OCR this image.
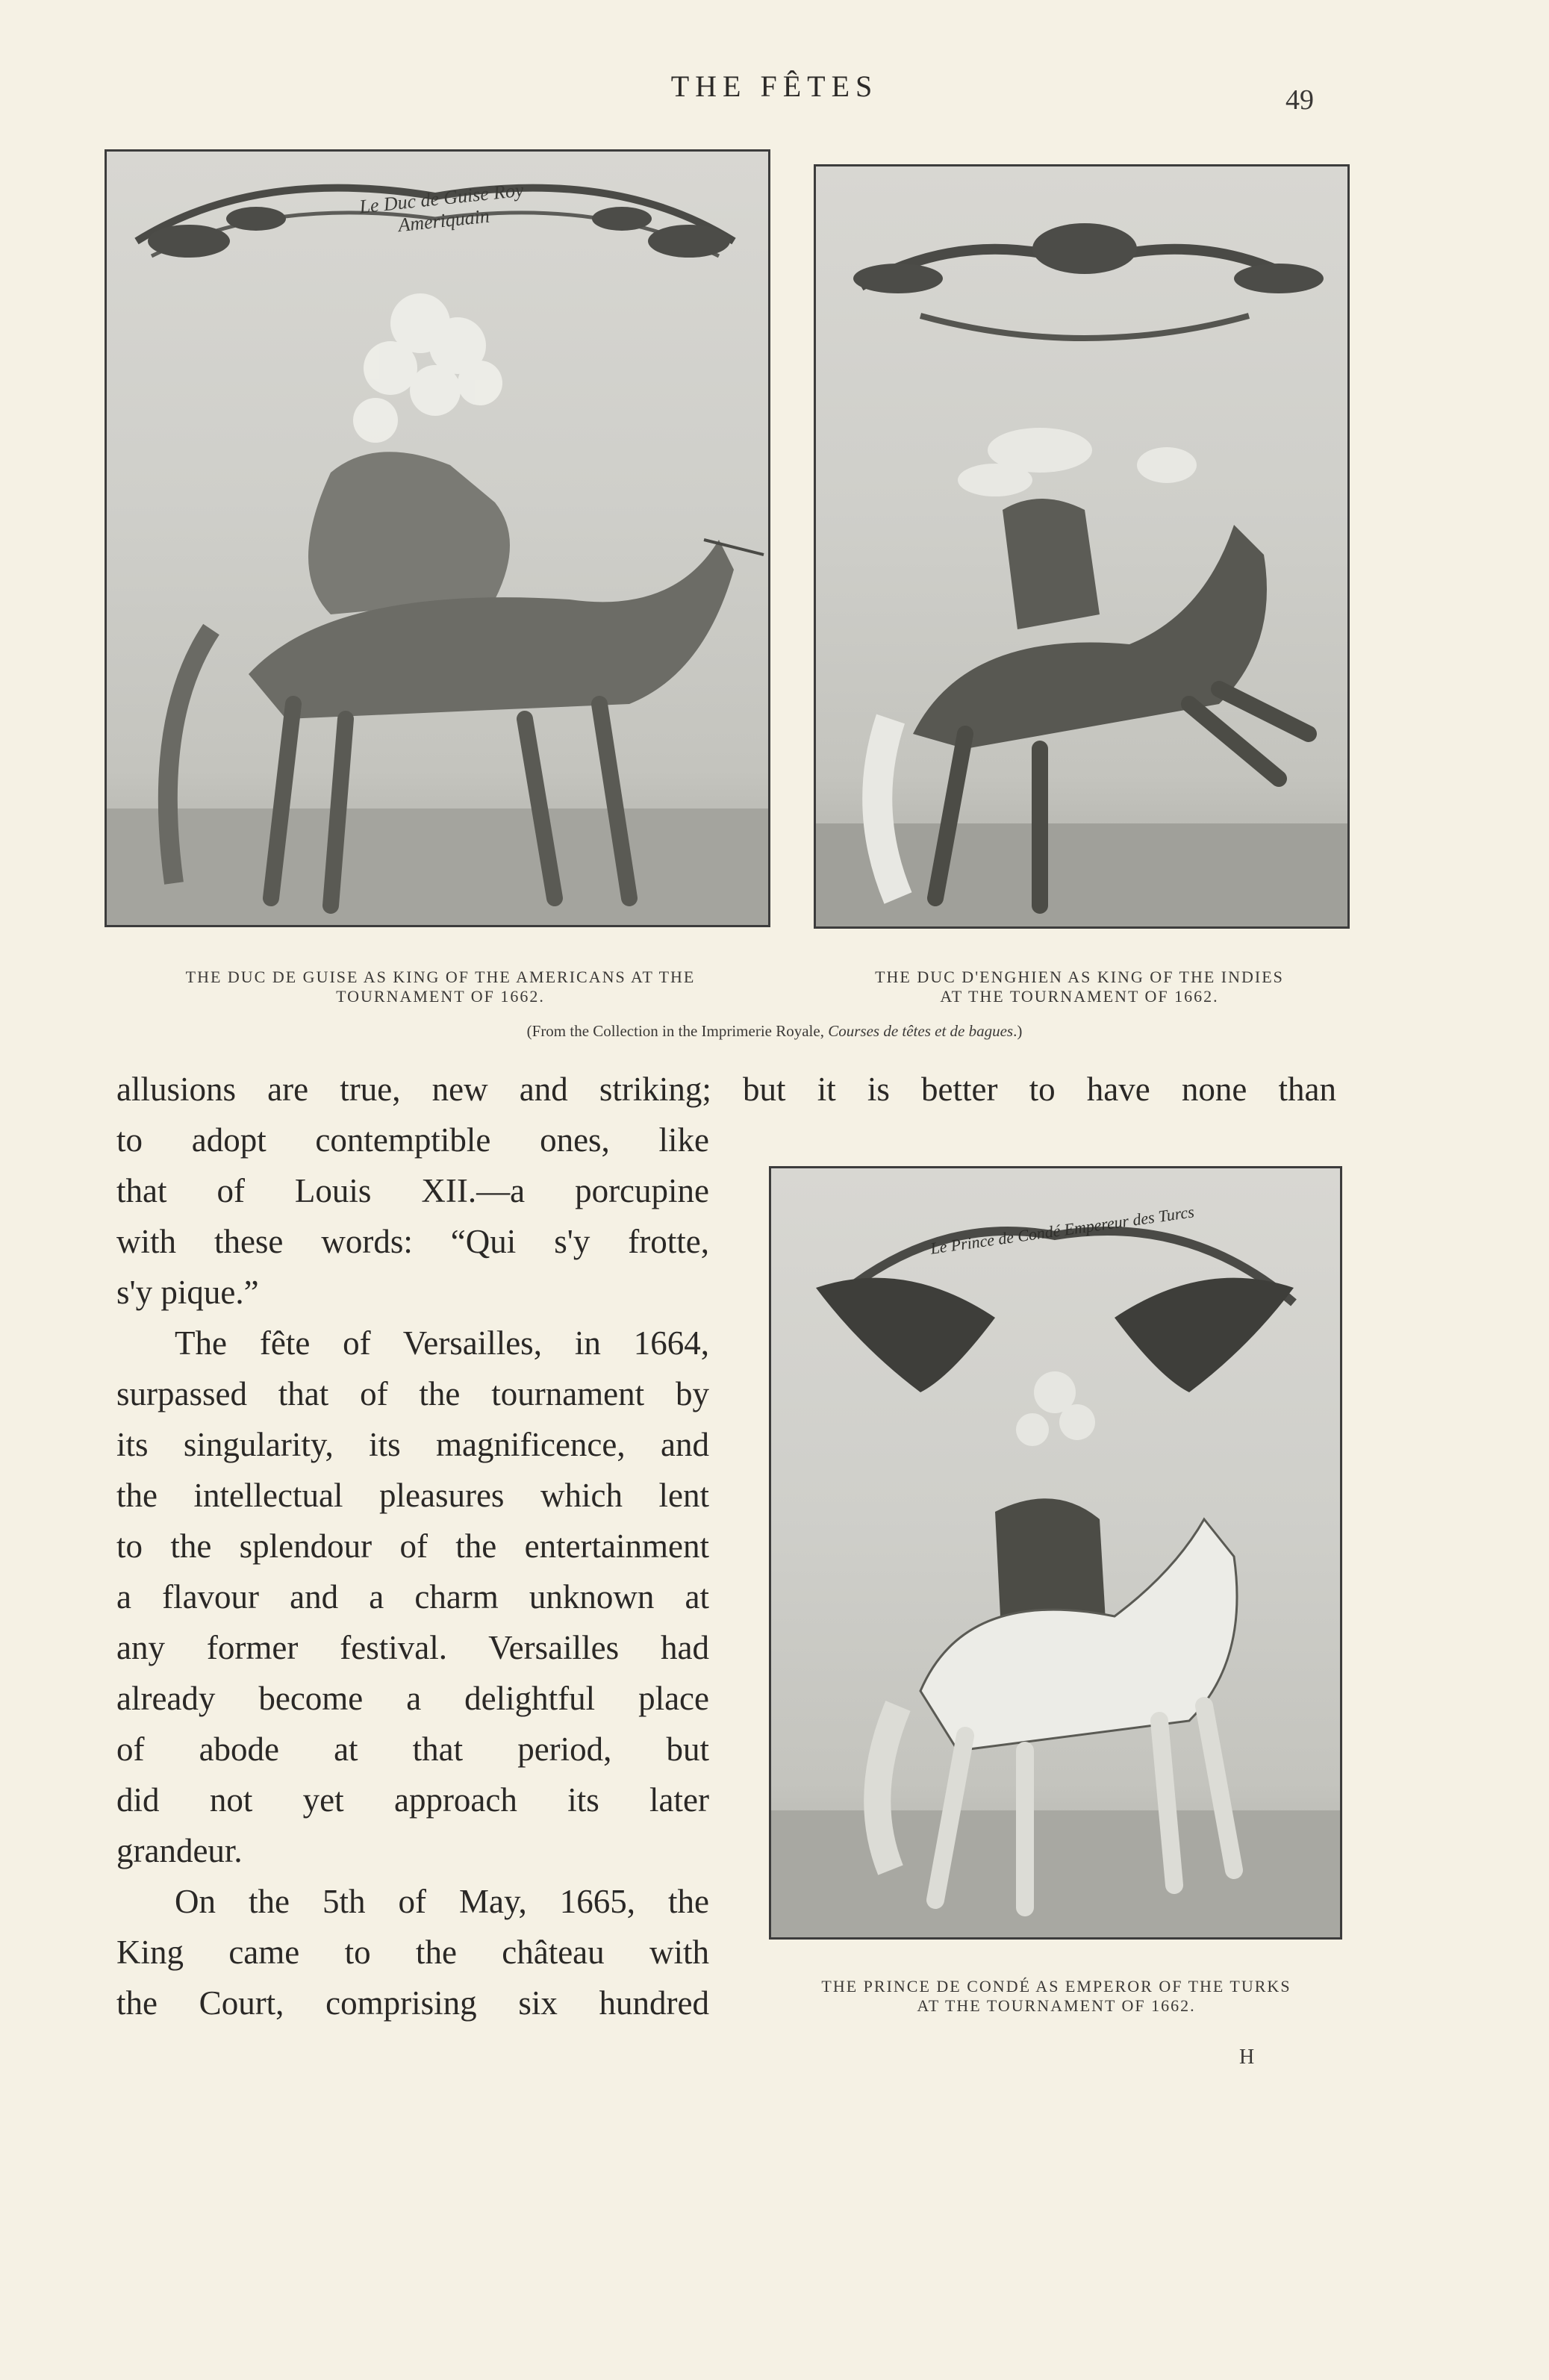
THE FÊTES	49
Le Duc de Guise Roy Ameriquain
THE DUC DE GUISE AS KING OF THE AMERICANS AT THE
TOURNAMENT OF 1662.
THE DUC D'ENGHIEN AS KING OF THE INDIES
AT THE TOURNAMENT OF 1662.
(From the Collection in the Imprimerie Royale, Courses de têtes et de bagues.)
allusions are true, new and striking; but it is better to have none than
to adopt contemptible ones, like
that of Louis XII.—a porcupine
with these words: “Qui s'y frotte,
s'y pique.”
The fête of Versailles, in 1664,
surpassed that of the tournament by
its singularity, its magnificence, and
the intellectual pleasures which lent
to the splendour of the entertainment
a flavour and a charm unknown at
any former festival. Versailles had
already become a delightful place
of abode at that period, but
did not yet approach its later
grandeur.
On the 5th of May, 1665, the
King came to the château with
the Court, comprising six hundred
Le Prince de Condé Empereur des Turcs
THE PRINCE DE CONDÉ AS EMPEROR OF THE TURKS
AT THE TOURNAMENT OF 1662.
H
